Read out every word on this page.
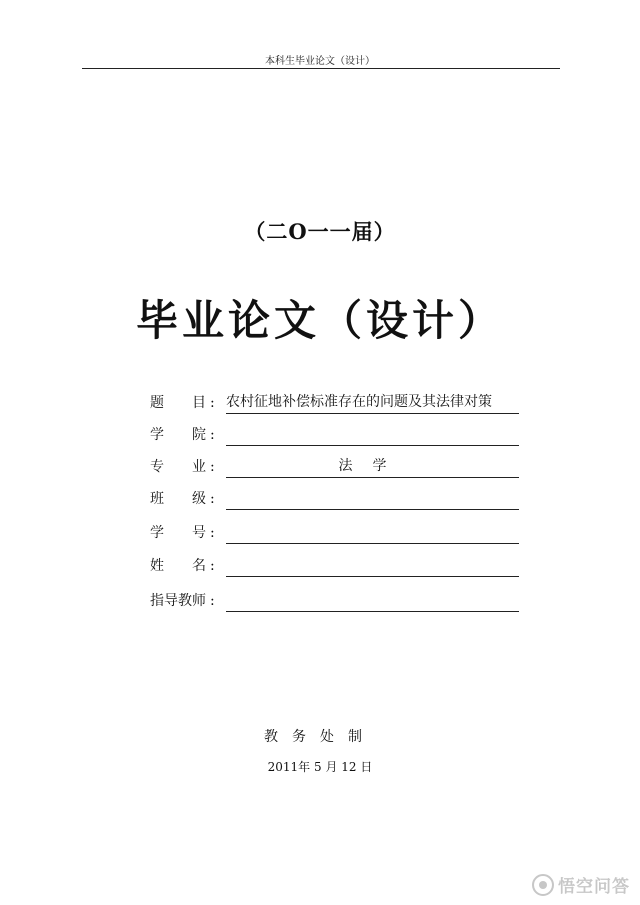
本科生毕业论文（设计）
（二O一一届）
毕业论文（设计）
题 目 : 农村征地补偿标准存在的问题及其法律对策
学 院 :
专 业 :	法学
班 级 :
学 号 :
姓 名 :
指 导 教 师 :
教务处制
2011年 5 月 12 日
悟空问答
